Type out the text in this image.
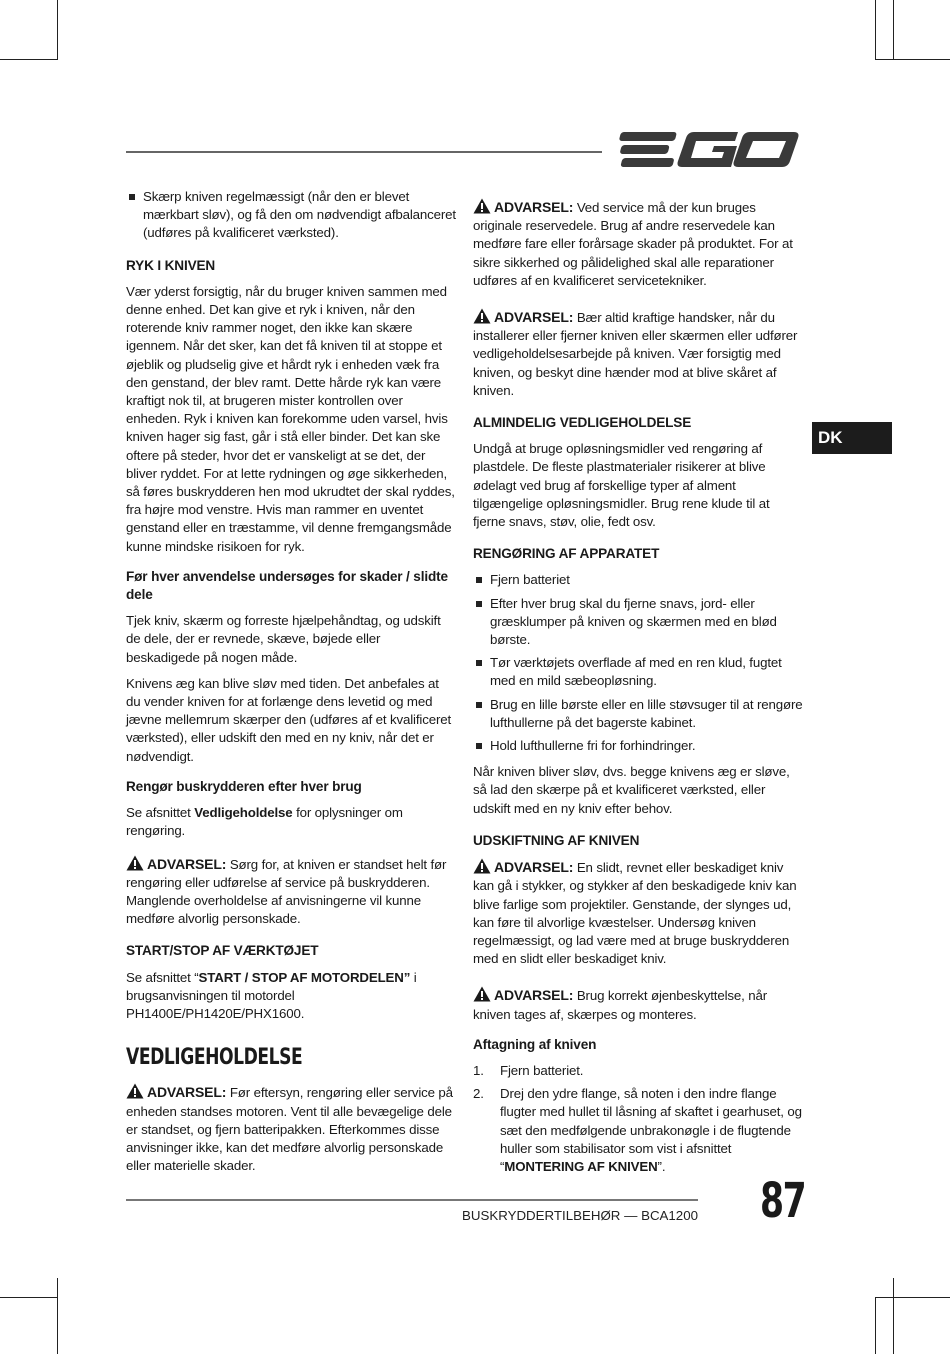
DK
Skærp kniven regelmæssigt (når den er blevet mærkbart sløv), og få den om nødvendigt afbalanceret (udføres på kvalificeret værksted).
RYK I KNIVEN

Vær yderst forsigtig, når du bruger kniven sammen med denne enhed. Det kan give et ryk i kniven, når den roterende kniv rammer noget, den ikke kan skære igennem. Når det sker, kan det få kniven til at stoppe et øjeblik og pludselig give et hårdt ryk i enheden væk fra den genstand, der blev ramt. Dette hårde ryk kan være kraftigt nok til, at brugeren mister kontrollen over enheden. Ryk i kniven kan forekomme uden varsel, hvis kniven hager sig fast, går i stå eller binder. Det kan ske oftere på steder, hvor det er vanskeligt at se det, der bliver ryddet. For at lette rydningen og øge sikkerheden, så føres buskrydderen hen mod ukrudtet der skal ryddes, fra højre mod venstre. Hvis man rammer en uventet genstand eller en træstamme, vil denne fremgangsmåde kunne mindske risikoen for ryk.

Før hver anvendelse undersøges for skader / slidte dele

Tjek kniv, skærm og forreste hjælpehåndtag, og udskift de dele, der er revnede, skæve, bøjede eller beskadigede på nogen måde.

Knivens æg kan blive sløv med tiden. Det anbefales at du vender kniven for at forlænge dens levetid og med jævne mellemrum skærper den (udføres af et kvalificeret værksted), eller udskift den med en ny kniv, når det er nødvendigt.

Rengør buskrydderen efter hver brug

Se afsnittet Vedligeholdelse for oplysninger om rengøring.

ADVARSEL: Sørg for, at kniven er standset helt før rengøring eller udførelse af service på buskrydderen. Manglende overholdelse af anvisningerne vil kunne medføre alvorlig personskade.

START/STOP AF VÆRKTØJET

Se afsnittet “START / STOP AF MOTORDELEN” i brugsanvisningen til motordel PH1400E/PH1420E/PHX1600.

VEDLIGEHOLDELSE

ADVARSEL: Før eftersyn, rengøring eller service på enheden standses motoren. Vent til alle bevægelige dele er standset, og fjern batteripakken. Efterkommes disse anvisninger ikke, kan det medføre alvorlig personskade eller materielle skader.

ADVARSEL: Ved service må der kun bruges originale reservedele. Brug af andre reservedele kan medføre fare eller forårsage skader på produktet. For at sikre sikkerhed og pålidelighed skal alle reparationer udføres af en kvalificeret servicetekniker.

ADVARSEL: Bær altid kraftige handsker, når du installerer eller fjerner kniven eller skærmen eller udfører vedligeholdelsesarbejde på kniven. Vær forsigtig med kniven, og beskyt dine hænder mod at blive skåret af kniven.

ALMINDELIG VEDLIGEHOLDELSE

Undgå at bruge opløsningsmidler ved rengøring af plastdele. De fleste plastmaterialer risikerer at blive ødelagt ved brug af forskellige typer af alment tilgængelige opløsningsmidler. Brug rene klude til at fjerne snavs, støv, olie, fedt osv.

RENGØRING AF APPARATET
Fjern batteriet
Efter hver brug skal du fjerne snavs, jord- eller græsklumper på kniven og skærmen med en blød børste.
Tør værktøjets overflade af med en ren klud, fugtet med en mild sæbeopløsning.
Brug en lille børste eller en lille støvsuger til at rengøre lufthullerne på det bagerste kabinet.
Hold lufthullerne fri for forhindringer.

Når kniven bliver sløv, dvs. begge knivens æg er sløve, så lad den skærpe på et kvalificeret værksted, eller udskift med en ny kniv efter behov.

UDSKIFTNING AF KNIVEN

ADVARSEL: En slidt, revnet eller beskadiget kniv kan gå i stykker, og stykker af den beskadigede kniv kan blive farlige som projektiler. Genstande, der slynges ud, kan føre til alvorlige kvæstelser. Undersøg kniven regelmæssigt, og lad være med at bruge buskrydderen med en slidt eller beskadiget kniv.

ADVARSEL: Brug korrekt øjenbeskyttelse, når kniven tages af, skærpes og monteres.

Aftagning af kniven
1. Fjern batteriet.
2. Drej den ydre flange, så noten i den indre flange flugter med hullet til låsning af skaftet i gearhuset, og sæt den medfølgende unbrakonøgle i de flugtende huller som stabilisator som vist i afsnittet “MONTERING AF KNIVEN”.
BUSKRYDDERTILBEHØR — BCA1200 87
